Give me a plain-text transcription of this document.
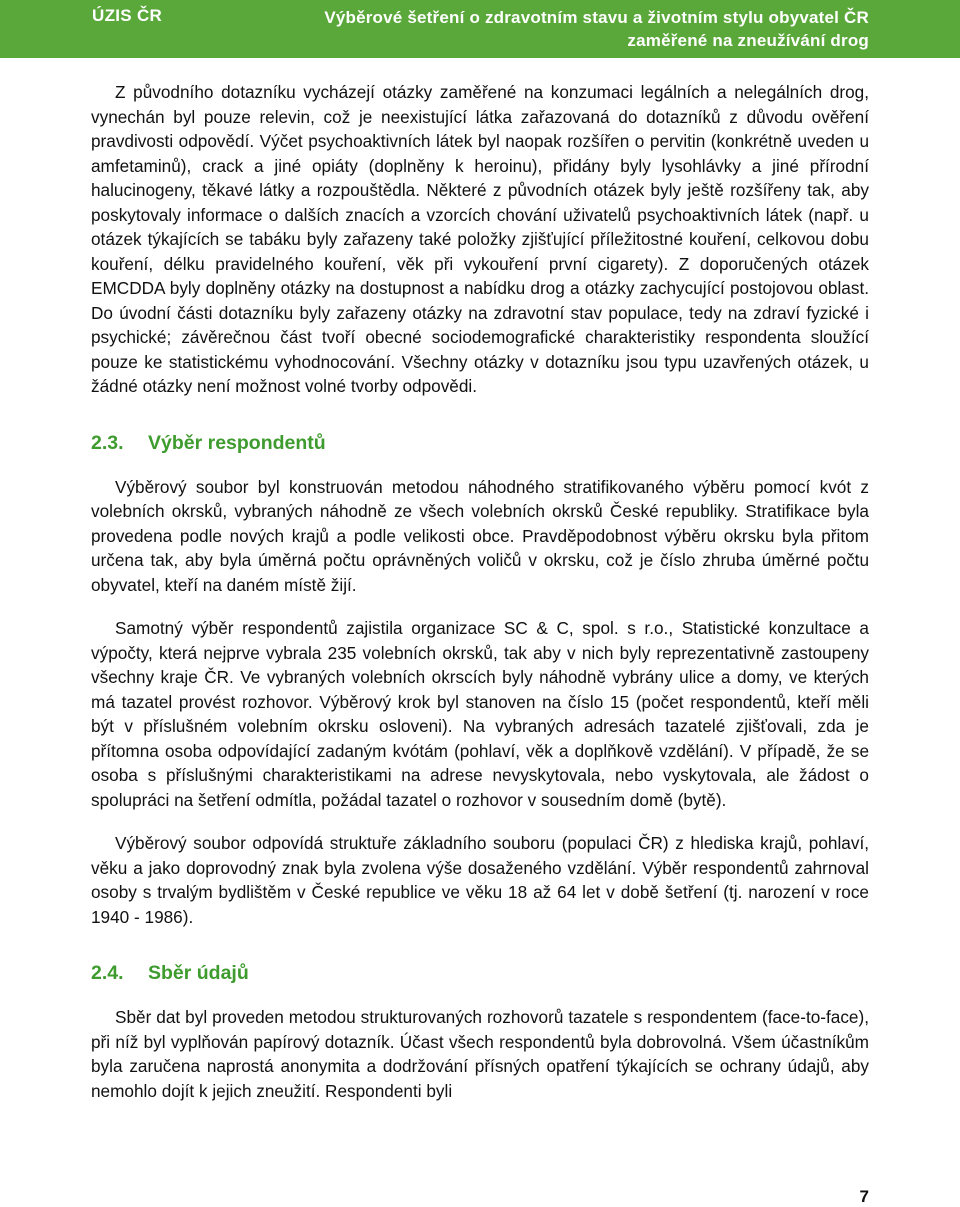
ÚZIS ČR	Výběrové šetření o zdravotním stavu a životním stylu obyvatel ČR
zaměřené na zneužívání drog

Z původního dotazníku vycházejí otázky zaměřené na konzumaci legálních a nelegálních drog, vynechán byl pouze relevin, což je neexistující látka zařazovaná do dotazníků z důvodu ověření pravdivosti odpovědí. Výčet psychoaktivních látek byl naopak rozšířen o pervitin (konkrétně uveden u amfetaminů), crack a jiné opiáty (doplněny k heroinu), přidány byly lysohlávky a jiné přírodní halucinogeny, těkavé látky a rozpouštědla. Některé z původních otázek byly ještě rozšířeny tak, aby poskytovaly informace o dalších znacích a vzorcích chování uživatelů psychoaktivních látek (např. u otázek týkajících se tabáku byly zařazeny také položky zjišťující příležitostné kouření, celkovou dobu kouření, délku pravidelného kouření, věk při vykouření první cigarety). Z doporučených otázek EMCDDA byly doplněny otázky na dostupnost a nabídku drog a otázky zachycující postojovou oblast. Do úvodní části dotazníku byly zařazeny otázky na zdravotní stav populace, tedy na zdraví fyzické i psychické; závěrečnou část tvoří obecné sociodemografické charakteristiky respondenta sloužící pouze ke statistickému vyhodnocování. Všechny otázky v dotazníku jsou typu uzavřených otázek, u žádné otázky není možnost volné tvorby odpovědi.

2.3.	Výběr respondentů

Výběrový soubor byl konstruován metodou náhodného stratifikovaného výběru pomocí kvót z volebních okrsků, vybraných náhodně ze všech volebních okrsků České republiky. Stratifikace byla provedena podle nových krajů a podle velikosti obce. Pravděpodobnost výběru okrsku byla přitom určena tak, aby byla úměrná počtu oprávněných voličů v okrsku, což je číslo zhruba úměrné počtu obyvatel, kteří na daném místě žijí.

Samotný výběr respondentů zajistila organizace SC & C, spol. s r.o., Statistické konzultace a výpočty, která nejprve vybrala 235 volebních okrsků, tak aby v nich byly reprezentativně zastoupeny všechny kraje ČR. Ve vybraných volebních okrscích byly náhodně vybrány ulice a domy, ve kterých má tazatel provést rozhovor. Výběrový krok byl stanoven na číslo 15 (počet respondentů, kteří měli být v příslušném volebním okrsku osloveni). Na vybraných adresách tazatelé zjišťovali, zda je přítomna osoba odpovídající zadaným kvótám (pohlaví, věk a doplňkově vzdělání). V případě, že se osoba s příslušnými charakteristikami na adrese nevyskytovala, nebo vyskytovala, ale žádost o spolupráci na šetření odmítla, požádal tazatel o rozhovor v sousedním domě (bytě).

Výběrový soubor odpovídá struktuře základního souboru (populaci ČR) z hlediska krajů, pohlaví, věku a jako doprovodný znak byla zvolena výše dosaženého vzdělání. Výběr respondentů zahrnoval osoby s trvalým bydlištěm v České republice ve věku 18 až 64 let v době šetření (tj. narození v roce 1940 - 1986).

2.4.	Sběr údajů

Sběr dat byl proveden metodou strukturovaných rozhovorů tazatele s respondentem (face-to-face), při níž byl vyplňován papírový dotazník. Účast všech respondentů byla dobrovolná. Všem účastníkům byla zaručena naprostá anonymita a dodržování přísných opatření týkajících se ochrany údajů, aby nemohlo dojít k jejich zneužití. Respondenti byli

7
